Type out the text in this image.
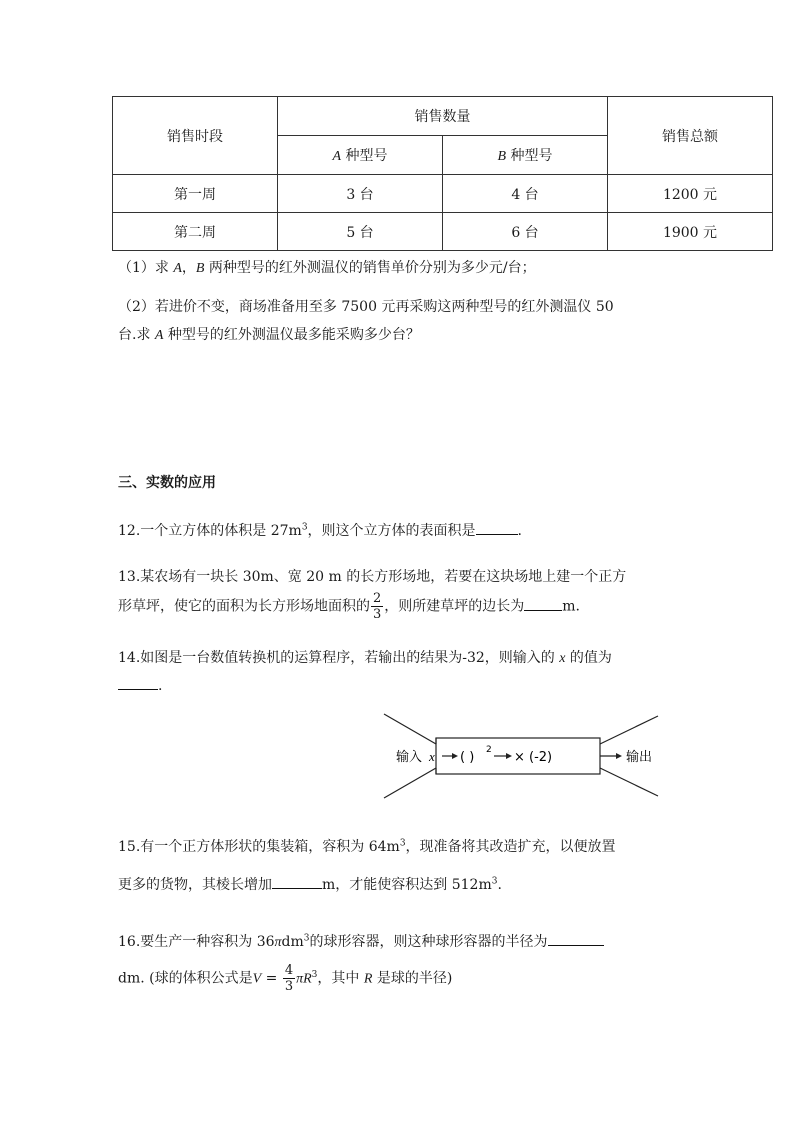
销售时段	销售数量		销售总额
	A 种型号	B 种型号	
第一周	3 台	4 台	1200 元
第二周	5 台	6 台	1900 元
（1）求 A，B 两种型号的红外测温仪的销售单价分别为多少元/台；
（2）若进价不变，商场准备用至多 7500 元再采购这两种型号的红外测温仪 50
台.求 A 种型号的红外测温仪最多能采购多少台？
三、实数的应用
12.一个立方体的体积是 $27m^3$，则这个立方体的表面积是	.
13.某农场有一块长 30m、宽 20 m 的长方形场地，若要在这块场地上建一个正方
形草坪，使它的面积为长方形场地面积的 $\frac{2}{3}$ ，则所建草坪的边长为	m.
14.如图是一台数值转换机的运算程序，若输出的结果为-32，则输入的 x 的值为
.
输入 x ( ) 2 × (-2)	输出
15.有一个正方体形状的集装箱，容积为 $64m^3$，现准备将其改造扩充，以便放置
更多的货物，其棱长增加	m，才能使容积达到 $512m^3$.
16.要生产一种容积为 36πdm$^3$的球形容器，则这种球形容器的半径为
dm. (球的体积公式是$V = \frac{4}{3} \pi R^3$，其中 R 是球的半径)
